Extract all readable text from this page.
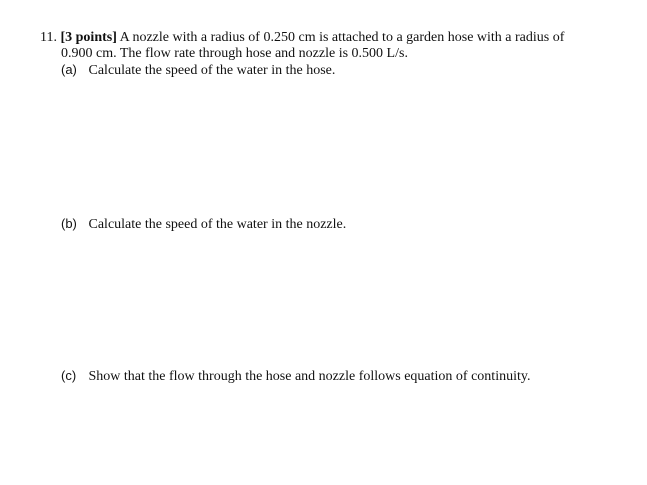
11. [3 points] A nozzle with a radius of 0.250 cm is attached to a garden hose with a radius of
0.900 cm. The flow rate through hose and nozzle is 0.500 L/s.
(a) Calculate the speed of the water in the hose.
(b) Calculate the speed of the water in the nozzle.
(c) Show that the flow through the hose and nozzle follows equation of continuity.
